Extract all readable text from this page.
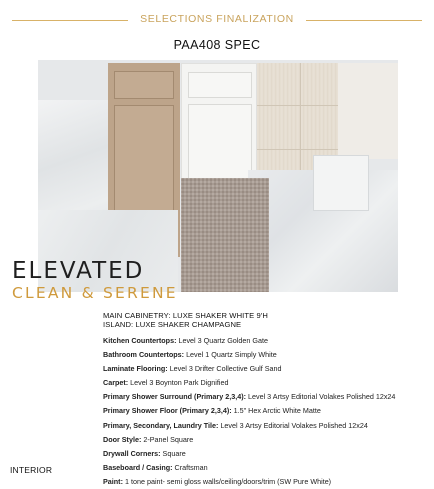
SELECTIONS FINALIZATION
PAA408 SPEC
ELEVATED
CLEAN & SERENE
MAIN CABINETRY: LUXE SHAKER WHITE 9'H
ISLAND: LUXE SHAKER CHAMPAGNE
Kitchen Countertops: Level 3 Quartz Golden Gate
Bathroom Countertops: Level 1 Quartz Simply White
Laminate Flooring: Level 3 Drifter Collective Gulf Sand
Carpet: Level 3 Boynton Park Dignified
Primary Shower Surround (Primary 2,3,4): Level 3 Artsy Editorial Volakes Polished 12x24
Primary Shower Floor (Primary 2,3,4): 1.5" Hex Arctic White Matte
Primary, Secondary, Laundry Tile: Level 3 Artsy Editorial Volakes Polished 12x24
Door Style: 2-Panel Square
Drywall Corners: Square
Baseboard / Casing: Craftsman
Paint: 1 tone paint- semi gloss walls/ceiling/doors/trim (SW Pure White)
INTERIOR
